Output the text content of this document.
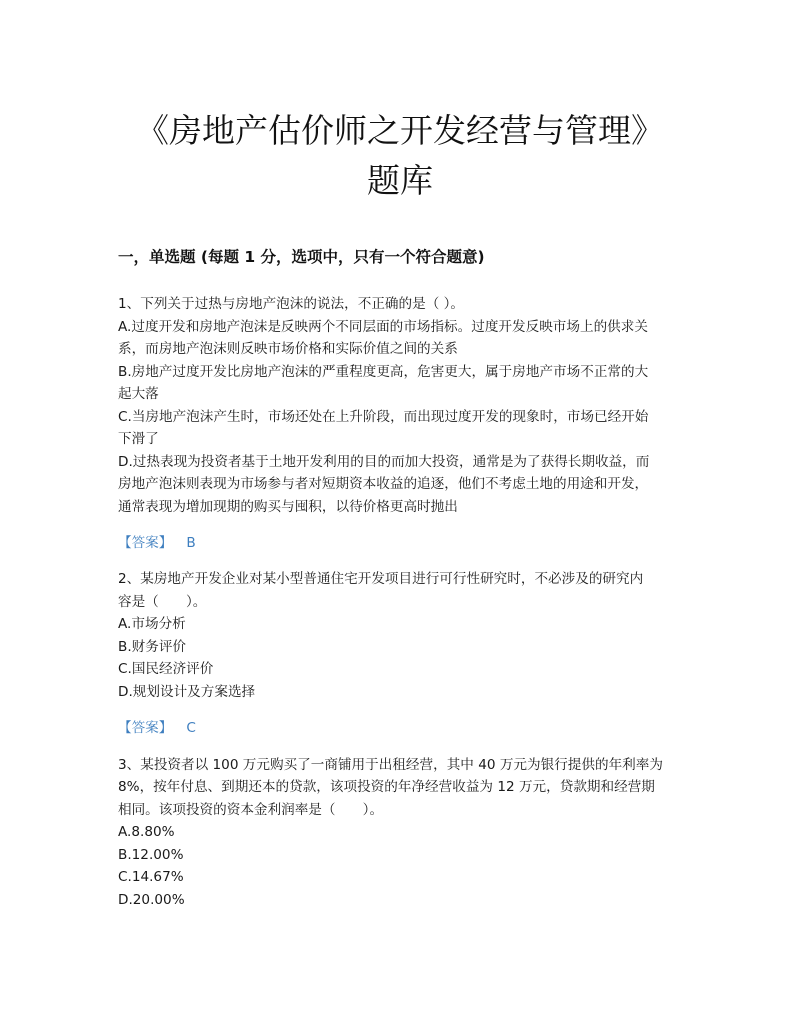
《房地产估价师之开发经营与管理》
题库
一，单选题 (每题 1 分，选项中，只有一个符合题意)
1、下列关于过热与房地产泡沫的说法，不正确的是（ ）。
A.过度开发和房地产泡沫是反映两个不同层面的市场指标。过度开发反映市场上的供求关
系，而房地产泡沫则反映市场价格和实际价值之间的关系
B.房地产过度开发比房地产泡沫的严重程度更高，危害更大，属于房地产市场不正常的大
起大落
C.当房地产泡沫产生时，市场还处在上升阶段，而出现过度开发的现象时，市场已经开始
下滑了
D.过热表现为投资者基于土地开发利用的目的而加大投资，通常是为了获得长期收益，而
房地产泡沫则表现为市场参与者对短期资本收益的追逐，他们不考虑土地的用途和开发，
通常表现为增加现期的购买与囤积，以待价格更高时抛出
【答案】 B
2、某房地产开发企业对某小型普通住宅开发项目进行可行性研究时，不必涉及的研究内
容是（　　）。
A.市场分析
B.财务评价
C.国民经济评价
D.规划设计及方案选择
【答案】 C
3、某投资者以 100 万元购买了一商铺用于出租经营，其中 40 万元为银行提供的年利率为
8%，按年付息、到期还本的贷款，该项投资的年净经营收益为 12 万元，贷款期和经营期
相同。该项投资的资本金利润率是（　　）。
A.8.80%
B.12.00%
C.14.67%
D.20.00%
